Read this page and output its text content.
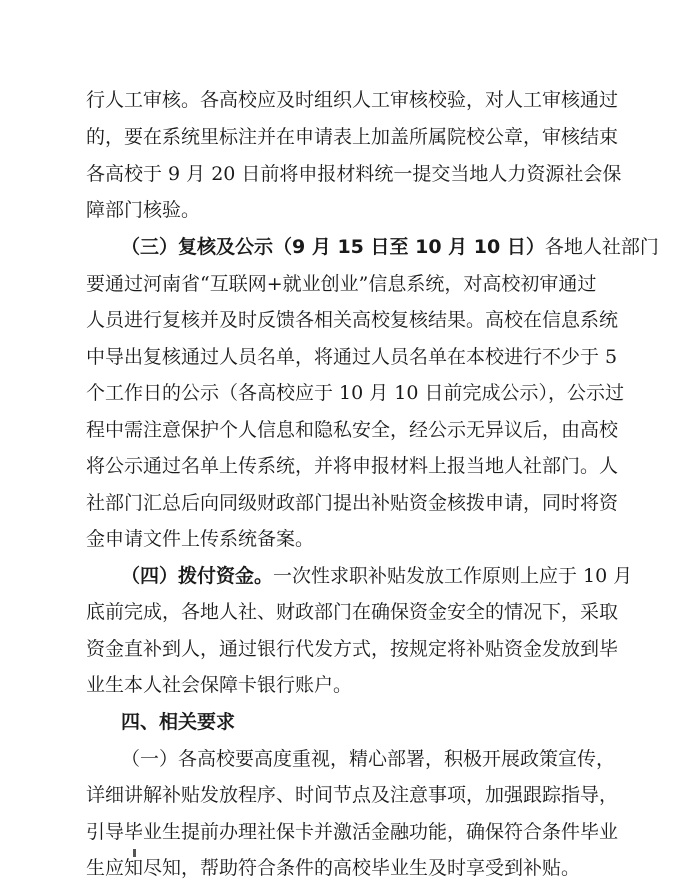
行人工审核。各高校应及时组织人工审核校验，对人工审核通过
的，要在系统里标注并在申请表上加盖所属院校公章，审核结束
各高校于 9 月 20 日前将申报材料统一提交当地人力资源社会保
障部门核验。
（三）复核及公示（9 月 15 日至 10 月 10 日）各地人社部门
要通过河南省“互联网+就业创业”信息系统，对高校初审通过
人员进行复核并及时反馈各相关高校复核结果。高校在信息系统
中导出复核通过人员名单，将通过人员名单在本校进行不少于 5
个工作日的公示（各高校应于 10 月 10 日前完成公示），公示过
程中需注意保护个人信息和隐私安全，经公示无异议后，由高校
将公示通过名单上传系统，并将申报材料上报当地人社部门。人
社部门汇总后向同级财政部门提出补贴资金核拨申请，同时将资
金申请文件上传系统备案。
（四）拨付资金。一次性求职补贴发放工作原则上应于 10 月
底前完成，各地人社、财政部门在确保资金安全的情况下，采取
资金直补到人，通过银行代发方式，按规定将补贴资金发放到毕
业生本人社会保障卡银行账户。
四、相关要求
（一）各高校要高度重视，精心部署，积极开展政策宣传，
详细讲解补贴发放程序、时间节点及注意事项，加强跟踪指导，
引导毕业生提前办理社保卡并激活金融功能，确保符合条件毕业
生应知尽知，帮助符合条件的高校毕业生及时享受到补贴。
